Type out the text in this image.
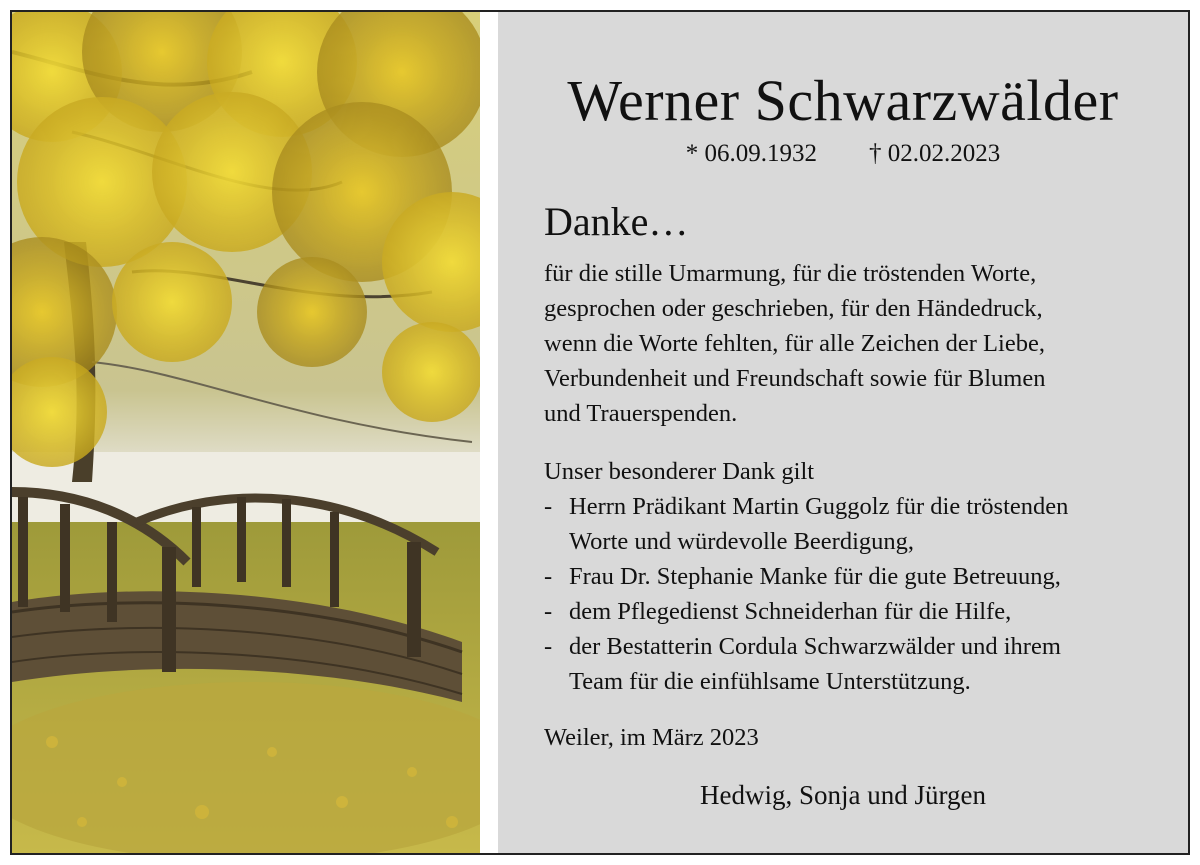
Werner Schwarzwälder
* 06.09.1932 † 02.02.2023
Danke…

für die stille Umarmung, für die tröstenden Worte,

gesprochen oder geschrieben, für den Händedruck,

wenn die Worte fehlten, für alle Zeichen der Liebe,

Verbundenheit und Freundschaft sowie für Blumen

und Trauerspenden.

Unser besonderer Dank gilt
- Herrn Prädikant Martin Guggolz für die tröstenden
Worte und würdevolle Beerdigung,
- Frau Dr. Stephanie Manke für die gute Betreuung,
- dem Pflegedienst Schneiderhan für die Hilfe,
- der Bestatterin Cordula Schwarzwälder und ihrem
Team für die einfühlsame Unterstützung.
Weiler, im März 2023
Hedwig, Sonja und Jürgen
